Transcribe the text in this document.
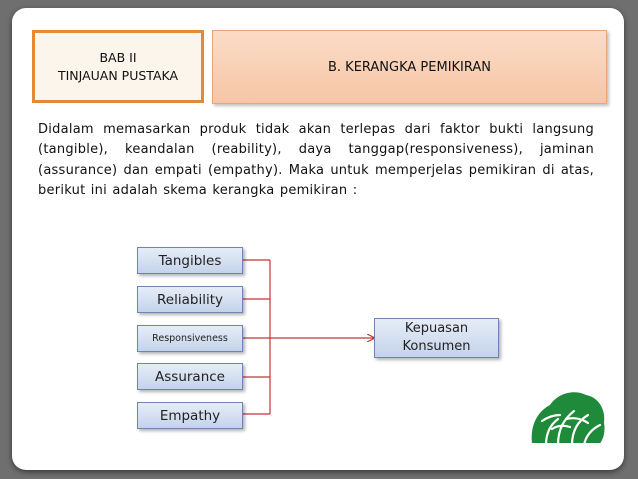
BAB II
TINJAUAN PUSTAKA
B. KERANGKA PEMIKIRAN
Didalam memasarkan produk tidak akan terlepas dari faktor bukti langsung (tangible), keandalan (reability), daya tanggap(responsiveness), jaminan (assurance) dan empati (empathy). Maka untuk memperjelas pemikiran di atas, berikut ini adalah skema kerangka pemikiran :
Tangibles
Reliability
Responsiveness
Assurance
Empathy
Kepuasan
Konsumen
